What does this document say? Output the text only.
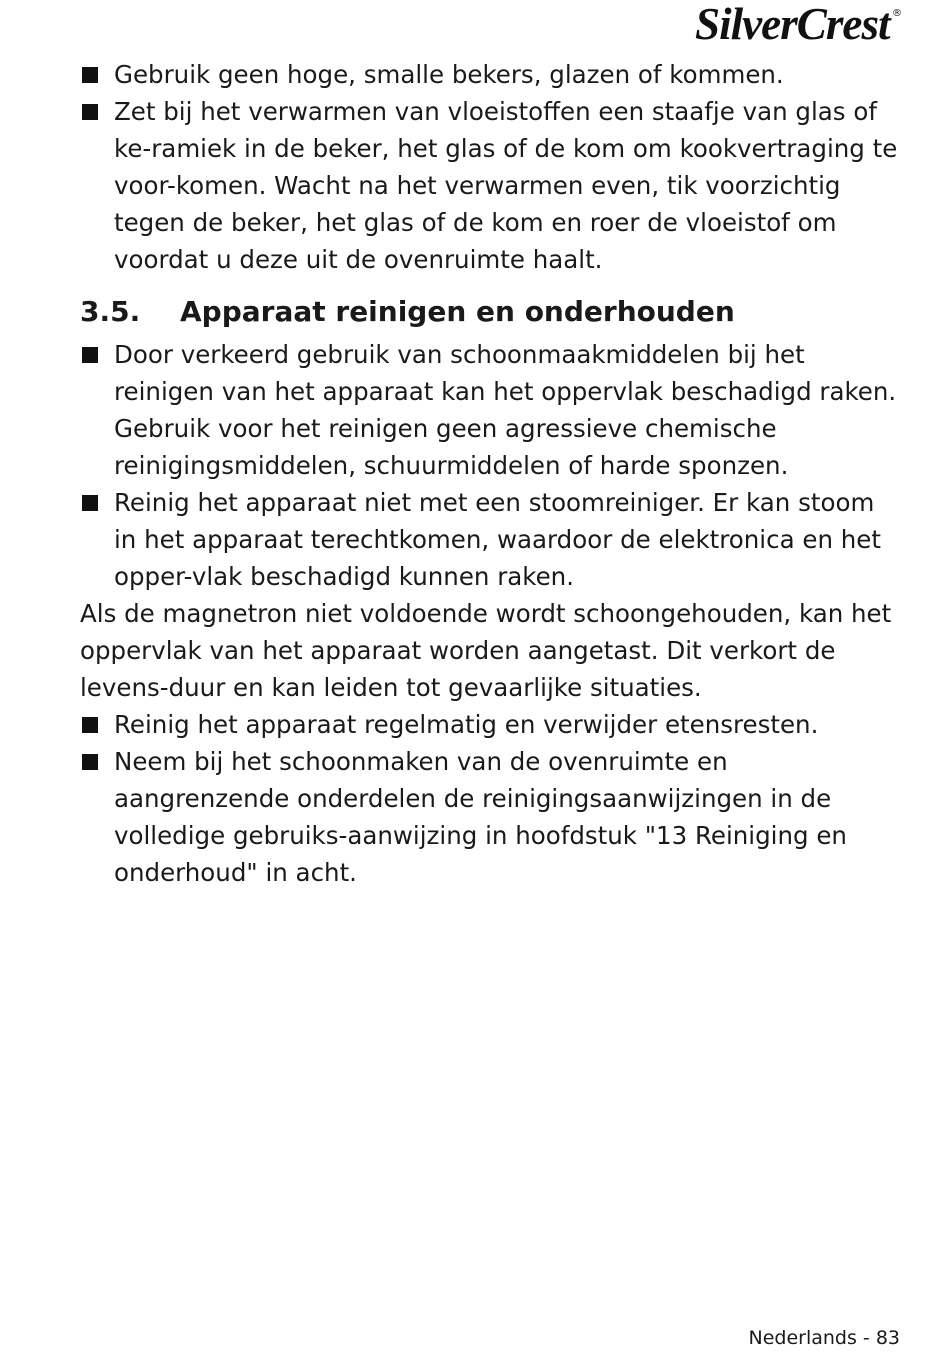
SilverCrest ®

Gebruik geen hoge, smalle bekers, glazen of kommen.

Zet bij het verwarmen van vloeistoffen een staafje van glas of ke-ramiek in de beker, het glas of de kom om kookvertraging te voor-komen. Wacht na het verwarmen even, tik voorzichtig tegen de beker, het glas of de kom en roer de vloeistof om voordat u deze uit de ovenruimte haalt.

3.5.	Apparaat reinigen en onderhouden

Door verkeerd gebruik van schoonmaakmiddelen bij het reinigen van het apparaat kan het oppervlak beschadigd raken. Gebruik voor het reinigen geen agressieve chemische reinigingsmiddelen, schuurmiddelen of harde sponzen.

Reinig het apparaat niet met een stoomreiniger. Er kan stoom in het apparaat terechtkomen, waardoor de elektronica en het opper-vlak beschadigd kunnen raken.

Als de magnetron niet voldoende wordt schoongehouden, kan het oppervlak van het apparaat worden aangetast. Dit verkort de levens-duur en kan leiden tot gevaarlijke situaties.

Reinig het apparaat regelmatig en verwijder etensresten.

Neem bij het schoonmaken van de ovenruimte en aangrenzende onderdelen de reinigingsaanwijzingen in de volledige gebruiks-aanwijzing in hoofdstuk "13 Reiniging en onderhoud" in acht.

Nederlands - 83
